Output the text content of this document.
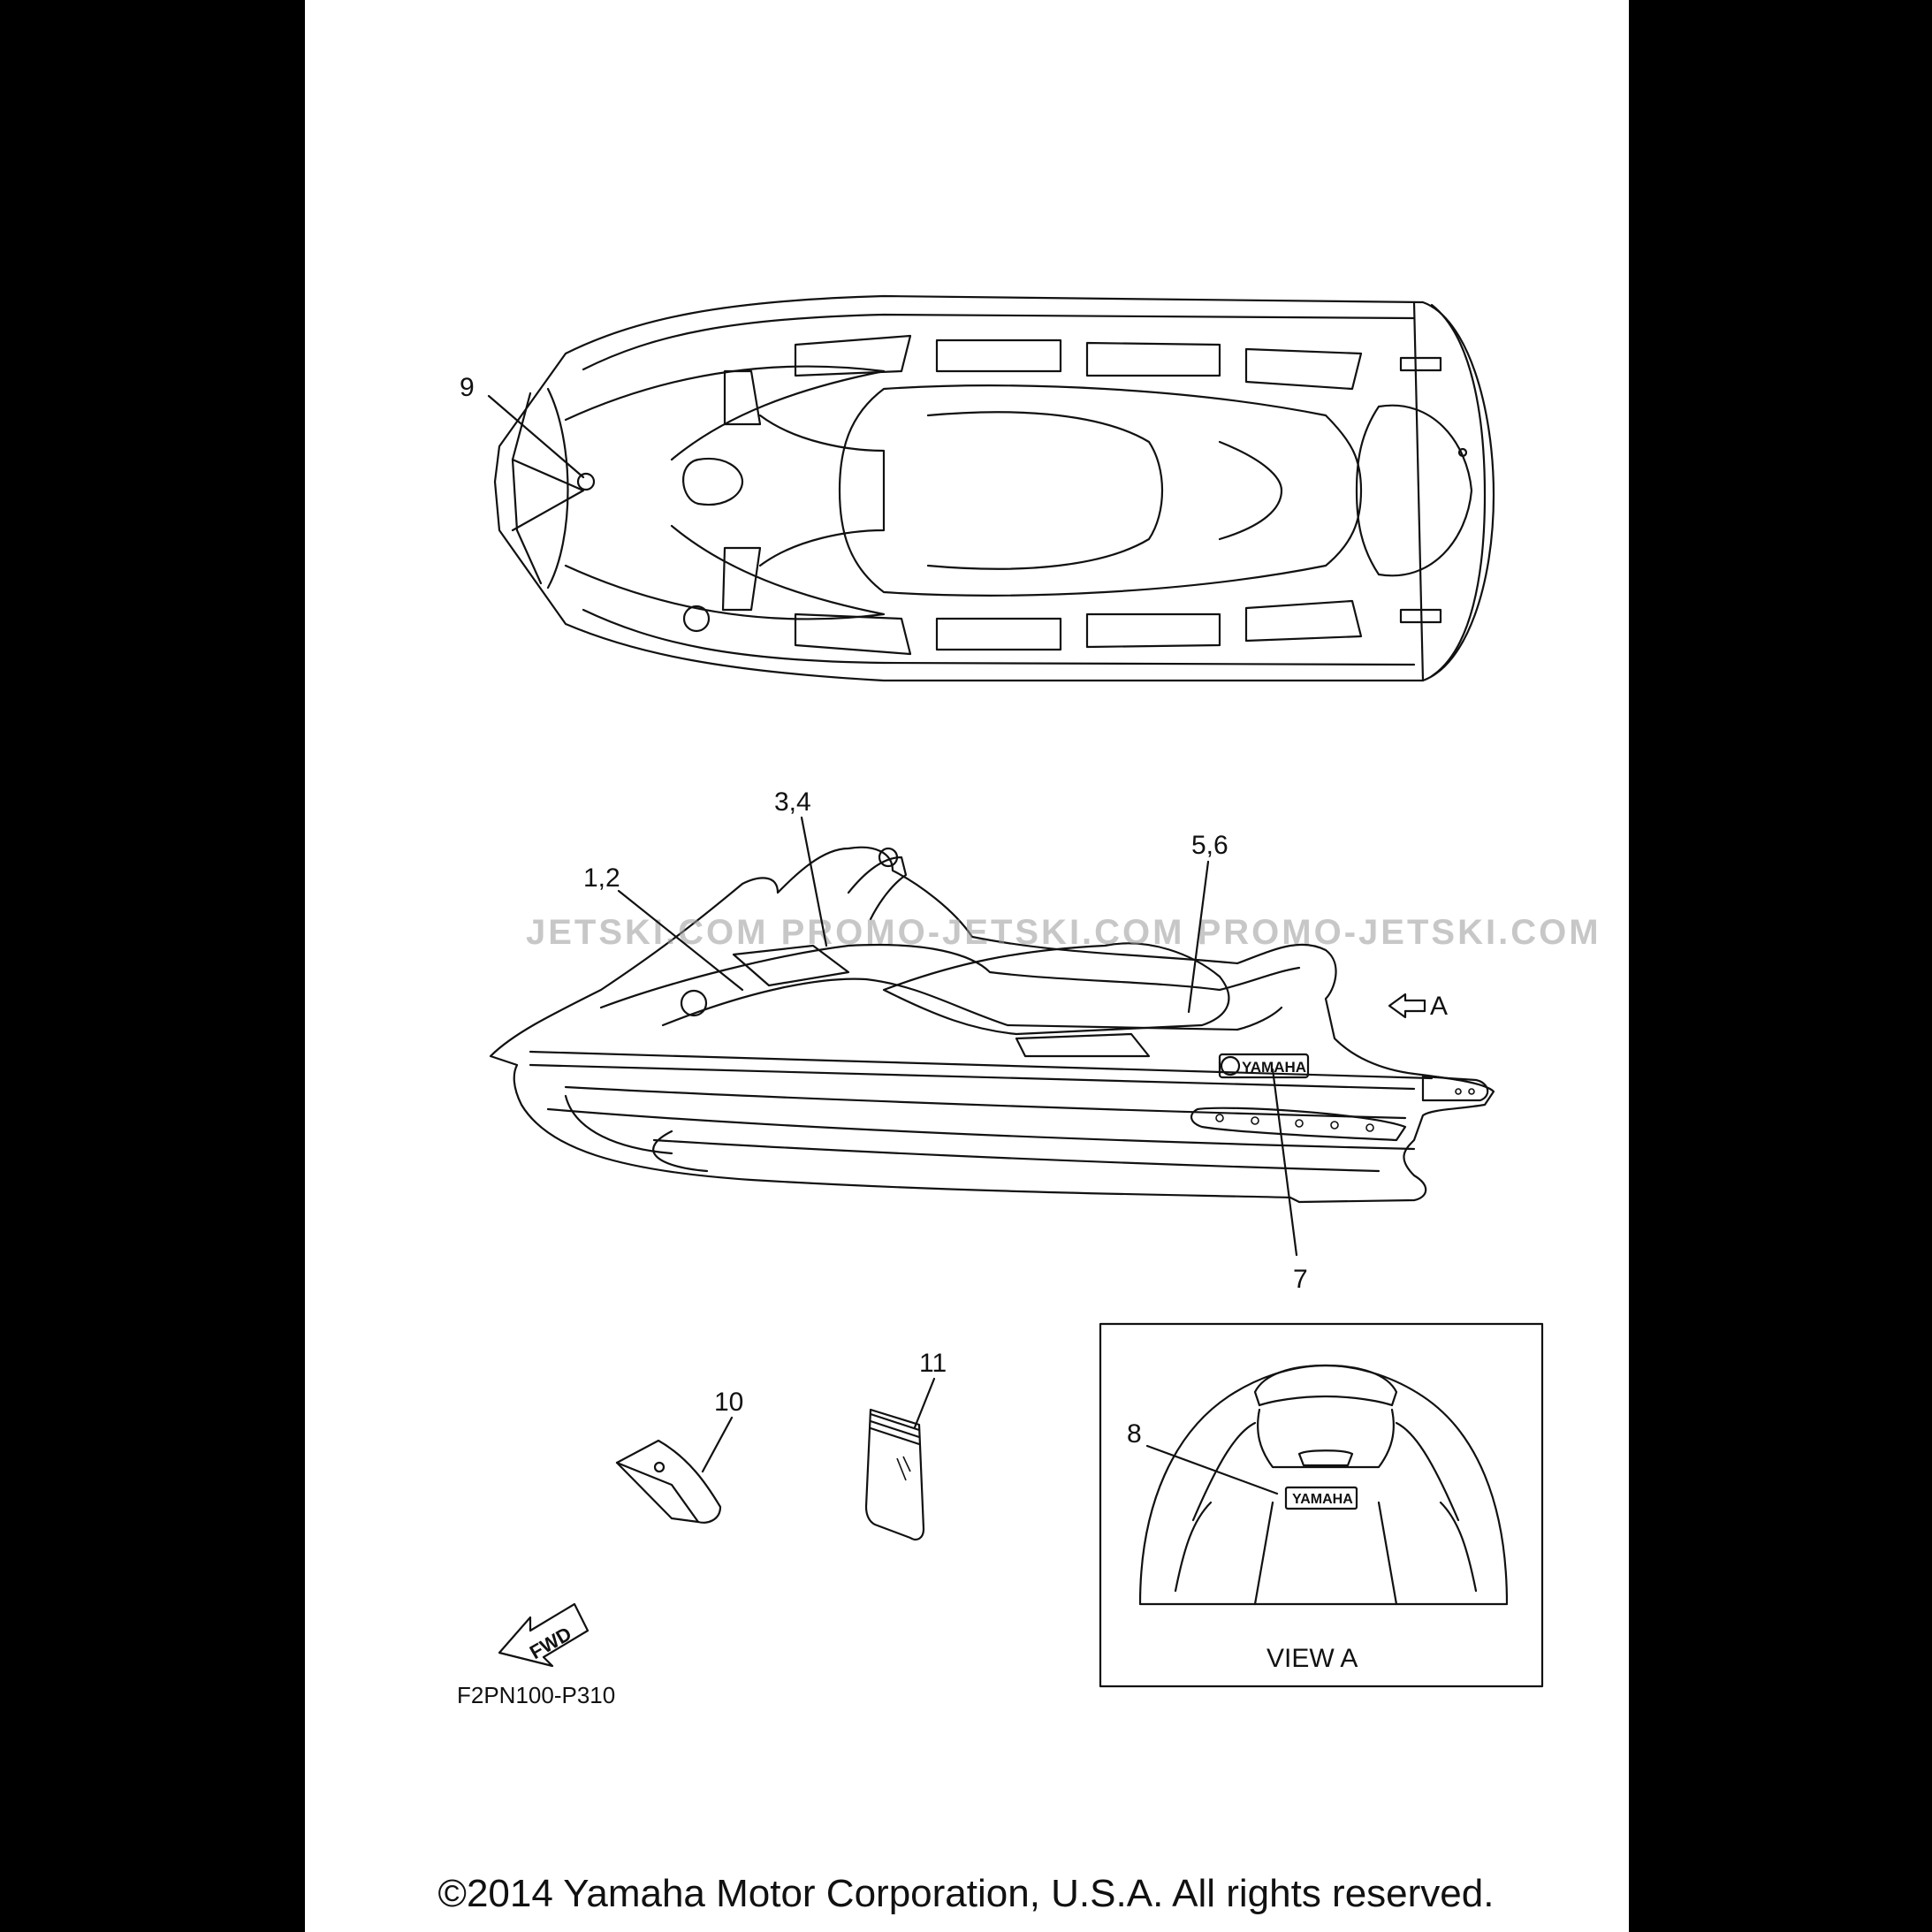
YAMAHA
JETSKI.COM PROMO-JETSKI.COM PROMO-JETSKI.COM
A
9
3,4
1,2
5,6
7
10
11
8
FWD
F2PN100-P310
YAMAHA
VIEW A
©2014 Yamaha Motor Corporation, U.S.A. All rights reserved.
